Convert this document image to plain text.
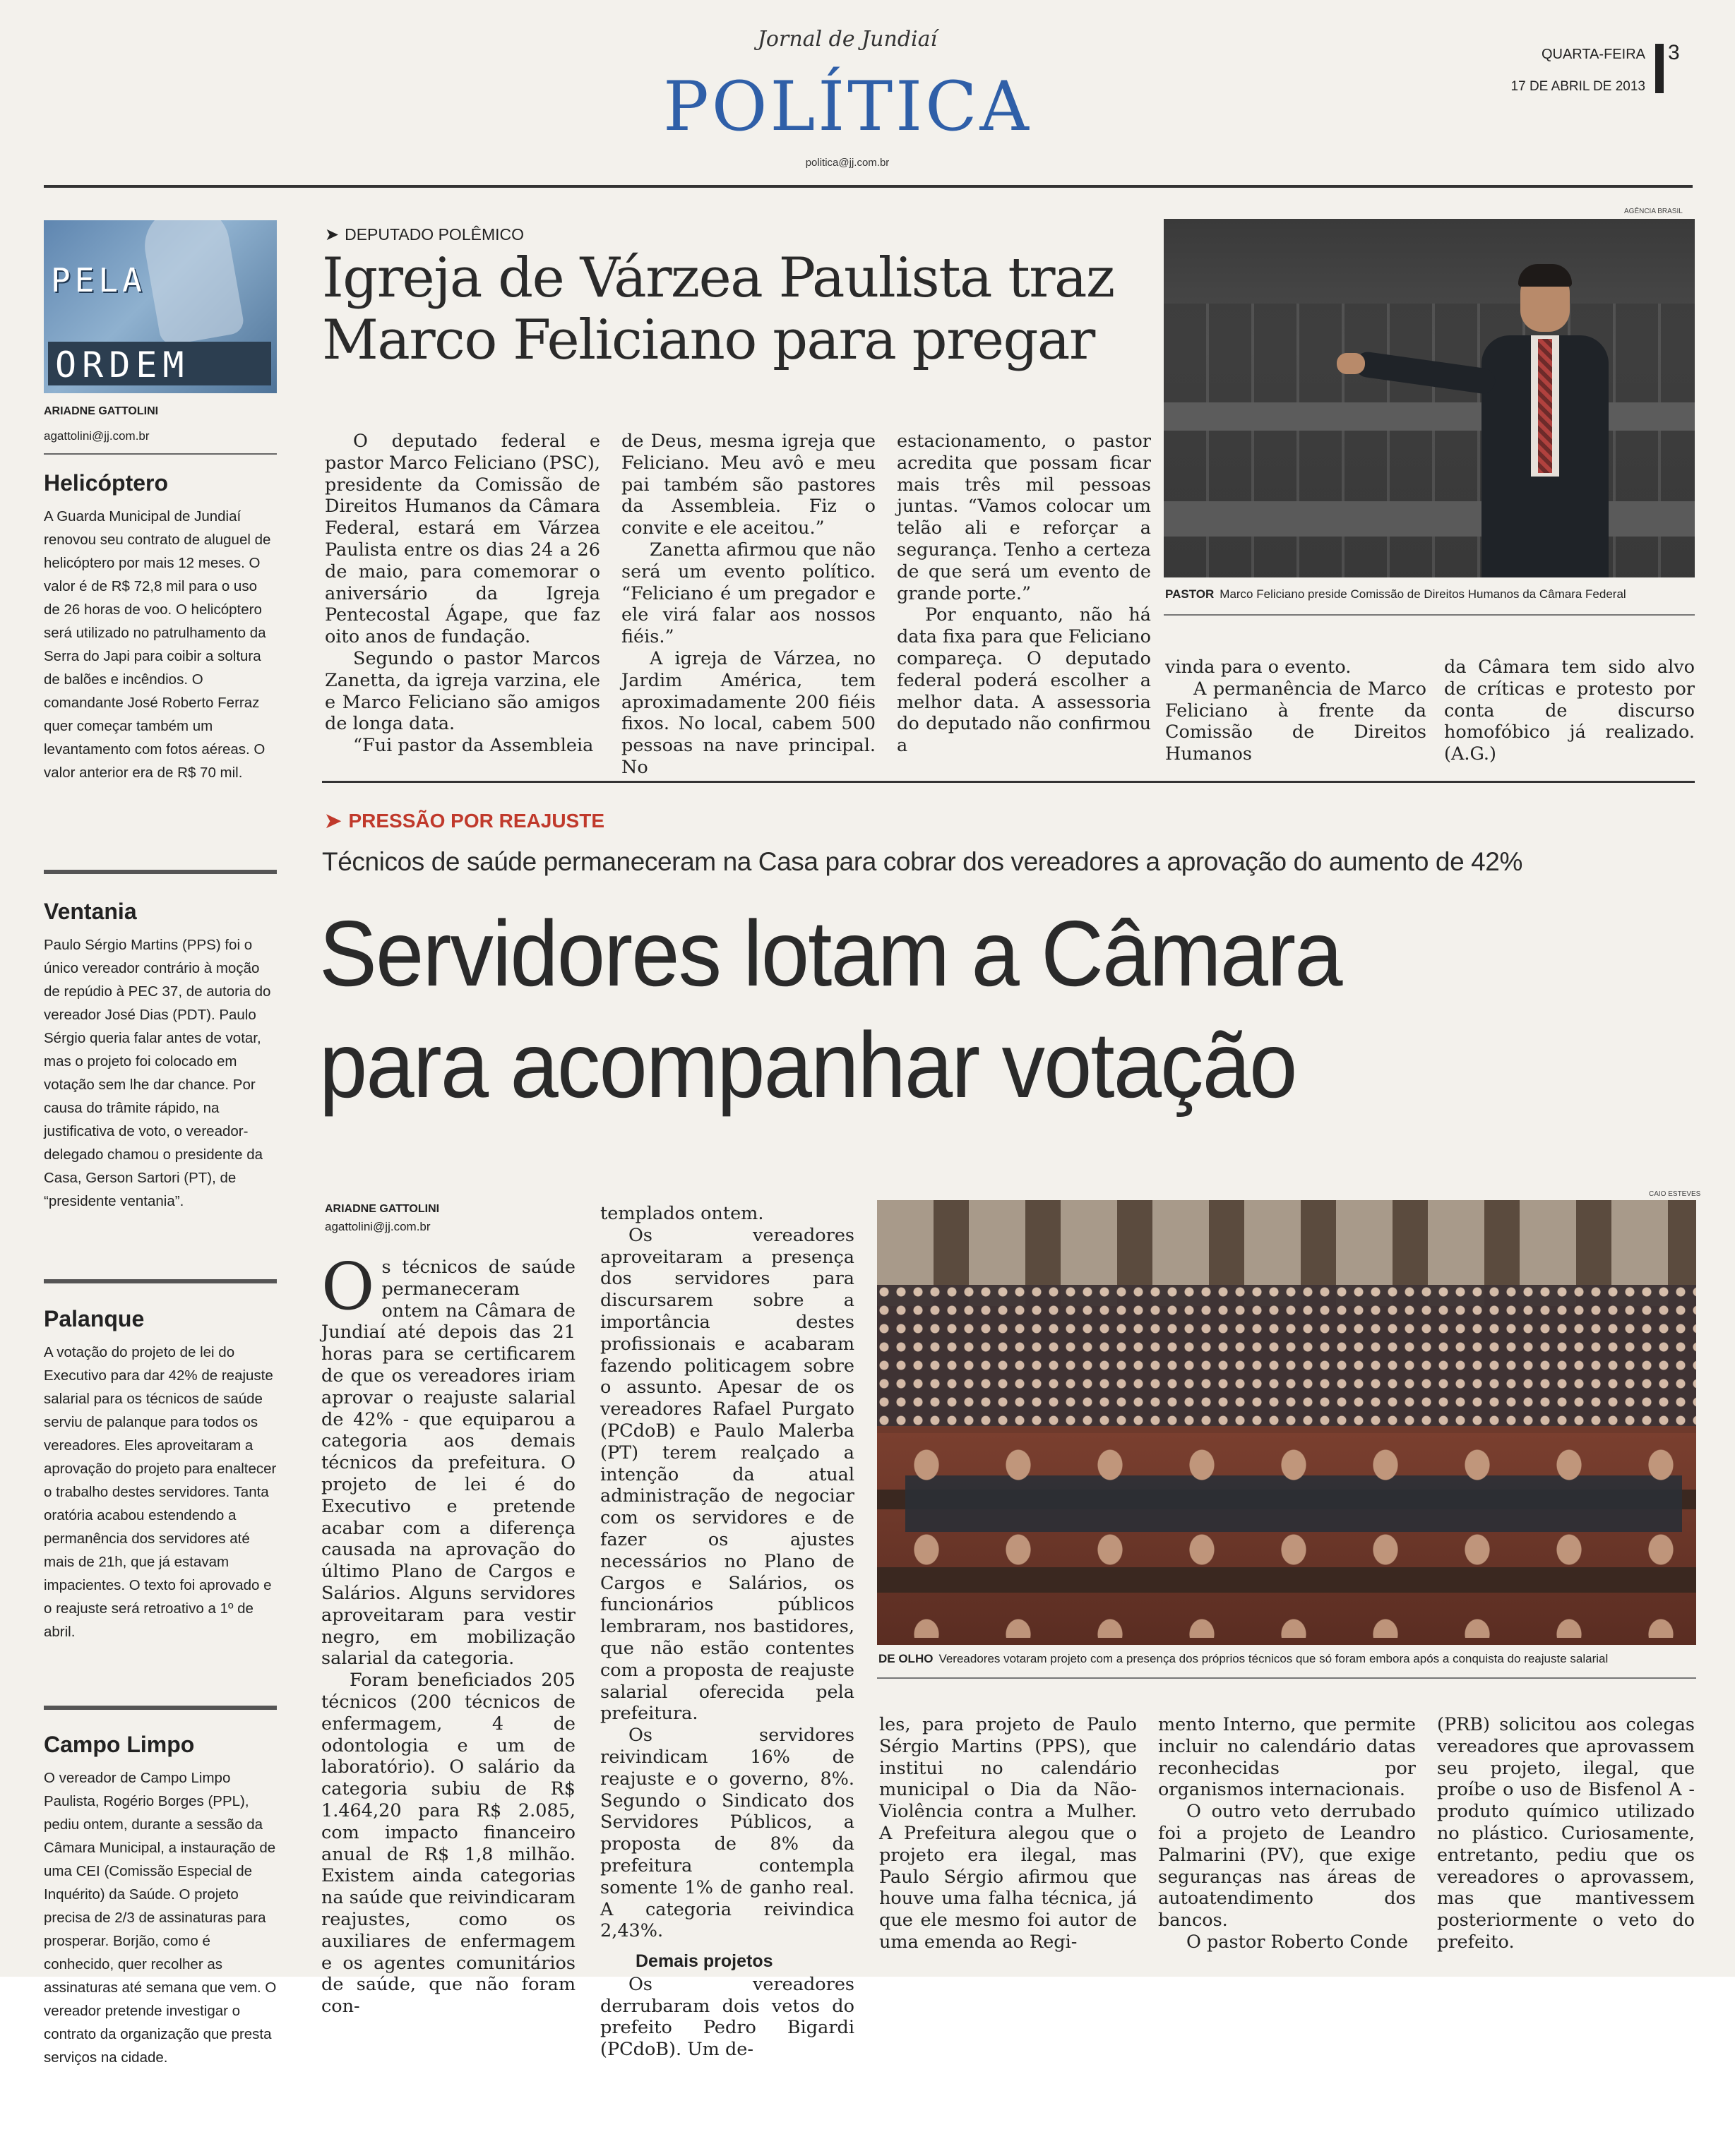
Jornal de Jundiaí
POLÍTICA
politica@jj.com.br
QUARTA-FEIRA 3
17 DE ABRIL DE 2013
PELA
ORDEM
ARIADNE GATTOLINI
agattolini@jj.com.br
Helicóptero

A Guarda Municipal de Jundiaí renovou seu contrato de aluguel de helicóptero por mais 12 meses. O valor é de R$ 72,8 mil para o uso de 26 horas de voo. O helicóptero será utilizado no patrulhamento da Serra do Japi para coibir a soltura de balões e incêndios. O comandante José Roberto Ferraz quer começar também um levantamento com fotos aéreas. O valor anterior era de R$ 70 mil.

Ventania

Paulo Sérgio Martins (PPS) foi o único vereador contrário à moção de repúdio à PEC 37, de autoria do vereador José Dias (PDT). Paulo Sérgio queria falar antes de votar, mas o projeto foi colocado em votação sem lhe dar chance. Por causa do trâmite rápido, na justificativa de voto, o vereador-delegado chamou o presidente da Casa, Gerson Sartori (PT), de “presidente ventania”.

Palanque

A votação do projeto de lei do Executivo para dar 42% de reajuste salarial para os técnicos de saúde serviu de palanque para todos os vereadores. Eles aproveitaram a aprovação do projeto para enaltecer o trabalho destes servidores. Tanta oratória acabou estendendo a permanência dos servidores até mais de 21h, que já estavam impacientes. O texto foi aprovado e o reajuste será retroativo a 1º de abril.

Campo Limpo

O vereador de Campo Limpo Paulista, Rogério Borges (PPL), pediu ontem, durante a sessão da Câmara Municipal, a instauração de uma CEI (Comissão Especial de Inquérito) da Saúde. O projeto precisa de 2/3 de assinaturas para prosperar. Borjão, como é conhecido, quer recolher as assinaturas até semana que vem. O vereador pretende investigar o contrato da organização que presta serviços na cidade.

➤ DEPUTADO POLÊMICO
Igreja de Várzea Paulista traz
Marco Feliciano para pregar

O deputado federal e pastor Marco Feliciano (PSC), presidente da Comissão de Direitos Humanos da Câmara Federal, estará em Várzea Paulista entre os dias 24 a 26 de maio, para comemorar o aniversário da Igreja Pentecostal Ágape, que faz oito anos de fundação.

Segundo o pastor Marcos Zanetta, da igreja varzina, ele e Marco Feliciano são amigos de longa data.

“Fui pastor da Assembleia

de Deus, mesma igreja que Feliciano. Meu avô e meu pai também são pastores da Assembleia. Fiz o convite e ele aceitou.”

Zanetta afirmou que não será um evento político. “Feliciano é um pregador e ele virá falar aos nossos fiéis.”

A igreja de Várzea, no Jardim América, tem aproximadamente 200 fiéis fixos. No local, cabem 500 pessoas na nave principal. No

estacionamento, o pastor acredita que possam ficar mais três mil pessoas juntas. “Vamos colocar um telão ali e reforçar a segurança. Tenho a certeza de que será um evento de grande porte.”

Por enquanto, não há data fixa para que Feliciano compareça. O deputado federal poderá escolher a melhor data. A assessoria do deputado não confirmou a

AGÊNCIA BRASIL
PASTOR Marco Feliciano preside Comissão de Direitos Humanos da Câmara Federal

vinda para o evento.

A permanência de Marco Feliciano à frente da Comissão de Direitos Humanos

da Câmara tem sido alvo de críticas e protesto por conta de discurso homofóbico já realizado. (A.G.)

➤ PRESSÃO POR REAJUSTE
Técnicos de saúde permaneceram na Casa para cobrar dos vereadores a aprovação do aumento de 42%
Servidores lotam a Câmara
para acompanhar votação
ARIADNE GATTOLINI
agattolini@jj.com.br

Os técnicos de saúde permaneceram ontem na Câmara de Jundiaí até depois das 21 horas para se certificarem de que os vereadores iriam aprovar o reajuste salarial de 42% - que equiparou a categoria aos demais técnicos da prefeitura. O projeto de lei é do Executivo e pretende acabar com a diferença causada na aprovação do último Plano de Cargos e Salários. Alguns servidores aproveitaram para vestir negro, em mobilização salarial da categoria.

Foram beneficiados 205 técnicos (200 técnicos de enfermagem, 4 de odontologia e um de laboratório). O salário da categoria subiu de R$ 1.464,20 para R$ 2.085, com impacto financeiro anual de R$ 1,8 milhão. Existem ainda categorias na saúde que reivindicaram reajustes, como os auxiliares de enfermagem e os agentes comunitários de saúde, que não foram con-

templados ontem.

Os vereadores aproveitaram a presença dos servidores para discursarem sobre a importância destes profissionais e acabaram fazendo politicagem sobre o assunto. Apesar de os vereadores Rafael Purgato (PCdoB) e Paulo Malerba (PT) terem realçado a intenção da atual administração de negociar com os servidores e de fazer os ajustes necessários no Plano de Cargos e Salários, os funcionários públicos lembraram, nos bastidores, que não estão contentes com a proposta de reajuste salarial oferecida pela prefeitura.

Os servidores reivindicam 16% de reajuste e o governo, 8%. Segundo o Sindicato dos Servidores Públicos, a proposta de 8% da prefeitura contempla somente 1% de ganho real. A categoria reivindica 2,43%.

Demais projetos

Os vereadores derrubaram dois vetos do prefeito Pedro Bigardi (PCdoB). Um de-

CAIO ESTEVES
DE OLHO Vereadores votaram projeto com a presença dos próprios técnicos que só foram embora após a conquista do reajuste salarial

les, para projeto de Paulo Sérgio Martins (PPS), que institui no calendário municipal o Dia da Não-Violência contra a Mulher. A Prefeitura alegou que o projeto era ilegal, mas Paulo Sérgio afirmou que houve uma falha técnica, já que ele mesmo foi autor de uma emenda ao Regi-

mento Interno, que permite incluir no calendário datas reconhecidas por organismos internacionais.

O outro veto derrubado foi a projeto de Leandro Palmarini (PV), que exige seguranças nas áreas de autoatendimento dos bancos.

O pastor Roberto Conde

(PRB) solicitou aos colegas vereadores que aprovassem seu projeto, ilegal, que proíbe o uso de Bisfenol A - produto químico utilizado no plástico. Curiosamente, entretanto, pediu que os vereadores o aprovassem, mas que mantivessem posteriormente o veto do prefeito.
